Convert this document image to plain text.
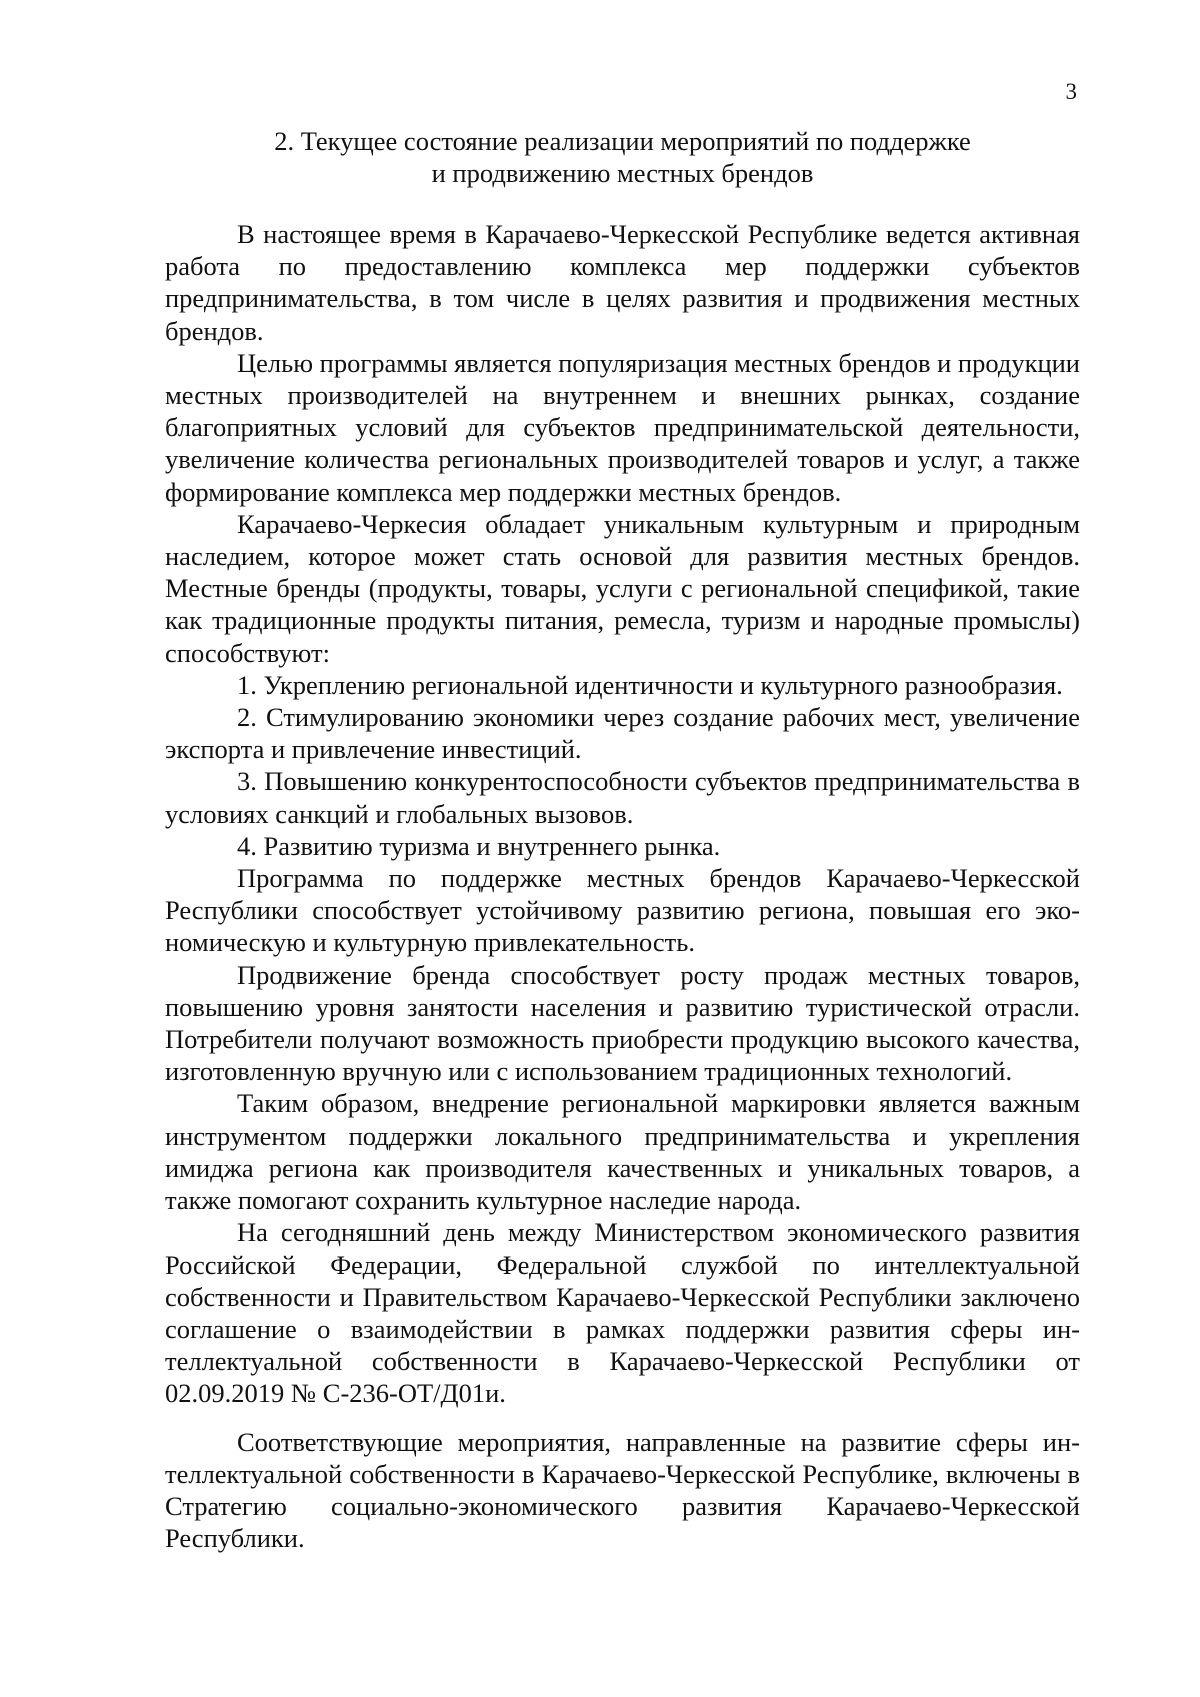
3
2. Текущее состояние реализации мероприятий по поддержке
и продвижению местных брендов

В настоящее время в Карачаево-Черкесской Республике ведется активная работа по предоставлению комплекса мер поддержки субъектов предпринимательства, в том числе в целях развития и продвижения местных брендов.

Целью программы является популяризация местных брендов и продукции местных производителей на внутреннем и внешних рынках, создание благоприятных условий для субъектов предпринимательской деятельности, увеличение количества региональных производителей товаров и услуг, а также формирование комплекса мер поддержки местных брендов.

Карачаево-Черкесия обладает уникальным культурным и природным наследием, которое может стать основой для развития местных брендов. Местные бренды (продукты, товары, услуги с региональной спецификой, такие как традиционные продукты питания, ремесла, туризм и народные промыслы) способствуют:

1. Укреплению региональной идентичности и культурного разнообразия.

2. Стимулированию экономики через создание рабочих мест, увеличение экспорта и привлечение инвестиций.

3. Повышению конкурентоспособности субъектов предпринимательства в условиях санкций и глобальных вызовов.

4. Развитию туризма и внутреннего рынка.

Программа по поддержке местных брендов Карачаево-Черкесской Республики способствует устойчивому развитию региона, повышая его экономическую и культурную привлекательность.

Продвижение бренда способствует росту продаж местных товаров, повышению уровня занятости населения и развитию туристической отрасли. Потребители получают возможность приобрести продукцию высокого качества, изготовленную вручную или с использованием традиционных технологий.

Таким образом, внедрение региональной маркировки является важным инструментом поддержки локального предпринимательства и укрепления имиджа региона как производителя качественных и уникальных товаров, а также помогают сохранить культурное наследие народа.

На сегодняшний день между Министерством экономического развития Российской Федерации, Федеральной службой по интеллектуальной собственности и Правительством Карачаево-Черкесской Республики заключено соглашение о взаимодействии в рамках поддержки развития сферы интеллектуальной собственности в Карачаево-Черкесской Республики от 02.09.2019 № С-236-ОТ/Д01и.

Соответствующие мероприятия, направленные на развитие сферы интеллектуальной собственности в Карачаево-Черкесской Республике, включены в Стратегию социально-экономического развития Карачаево-Черкесской Республики.
